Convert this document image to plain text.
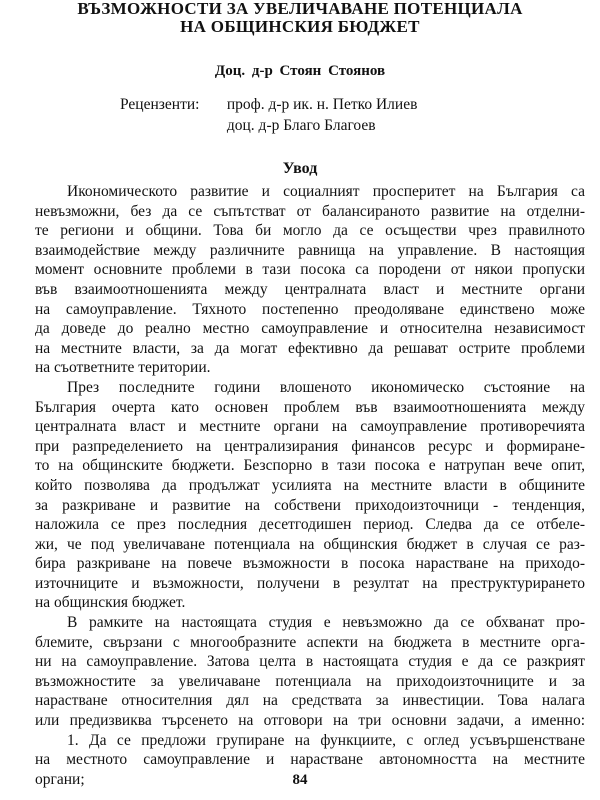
ВЪЗМОЖНОСТИ ЗА УВЕЛИЧАВАНЕ ПОТЕНЦИАЛА
НА ОБЩИНСКИЯ БЮДЖЕТ
Доц. д-р Стоян Стоянов
Рецензенти: проф. д-р ик. н. Петко Илиев
доц. д-р Благо Благоев
Увод
Икономическото развитие и социалният просперитет на България са
невъзможни, без да се съпътстват от балансираното развитие на отделни-
те региони и общини. Това би могло да се осъществи чрез правилното
взаимодействие между различните равнища на управление. В настоящия
момент основните проблеми в тази посока са породени от някои пропуски
във взаимоотношенията между централната власт и местните органи
на самоуправление. Тяхното постепенно преодоляване единствено може
да доведе до реално местно самоуправление и относителна независимост
на местните власти, за да могат ефективно да решават острите проблеми
на съответните територии.
През последните години влошеното икономическо състояние на
България очерта като основен проблем във взаимоотношенията между
централната власт и местните органи на самоуправление противоречията
при разпределението на централизирания финансов ресурс и формиране-
то на общинските бюджети. Безспорно в тази посока е натрупан вече опит,
който позволява да продължат усилията на местните власти в общините
за разкриване и развитие на собствени приходоизточници - тенденция,
наложила се през последния десетгодишен период. Следва да се отбеле-
жи, че под увеличаване потенциала на общинския бюджет в случая се раз-
бира разкриване на повече възможности в посока нарастване на приходо-
източниците и възможности, получени в резултат на преструктурирането
на общинския бюджет.
В рамките на настоящата студия е невъзможно да се обхванат про-
блемите, свързани с многообразните аспекти на бюджета в местните орга-
ни на самоуправление. Затова целта в настоящата студия е да се разкрият
възможностите за увеличаване потенциала на приходоизточниците и за
нарастване относителния дял на средствата за инвестиции. Това налага
или предизвиква търсенето на отговори на три основни задачи, а именно:
1. Да се предложи групиране на функциите, с оглед усъвършенстване
на местното самоуправление и нарастване автономността на местните
органи;	84
